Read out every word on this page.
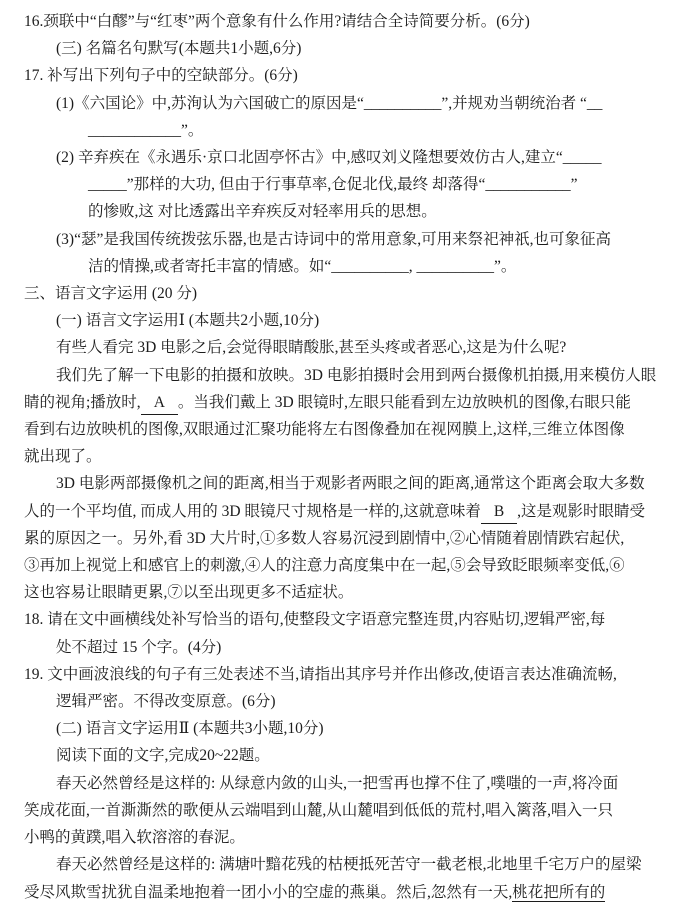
16.颈联中“白醪”与“红枣”两个意象有什么作用?请结合全诗简要分析。(6分)
(三) 名篇名句默写(本题共1小题,6分)
17. 补写出下列句子中的空缺部分。(6分)
(1)《六国论》中,苏洵认为六国破亡的原因是“__________”,并规劝当朝统治者 “__
____________”。
(2) 辛弃疾在《永遇乐·京口北固亭怀古》中,感叹刘义隆想要效仿古人,建立“_____
_____”那样的大功, 但由于行事草率,仓促北伐,最终 却落得“___________”
的惨败,这 对比透露出辛弃疾反对轻率用兵的思想。
(3)“瑟”是我国传统拨弦乐器,也是古诗词中的常用意象,可用来祭祀神祇,也可象征高
洁的情操,或者寄托丰富的情感。如“__________, __________”。
三、语言文字运用 (20 分)
(一) 语言文字运用Ⅰ (本题共2小题,10分)
有些人看完 3D 电影之后,会觉得眼睛酸胀,甚至头疼或者恶心,这是为什么呢?
我们先了解一下电影的拍摄和放映。3D 电影拍摄时会用到两台摄像机拍摄,用来模仿人眼
睛的视角;播放时, A 。当我们戴上 3D 眼镜时,左眼只能看到左边放映机的图像,右眼只能
看到右边放映机的图像,双眼通过汇聚功能将左右图像叠加在视网膜上,这样,三维立体图像
就出现了。
3D 电影两部摄像机之间的距离,相当于观影者两眼之间的距离,通常这个距离会取大多数
人的一个平均值, 而成人用的 3D 眼镜尺寸规格是一样的,这就意味着 B ,这是观影时眼睛受
累的原因之一。另外,看 3D 大片时,①多数人容易沉浸到剧情中,②心情随着剧情跌宕起伏,
③再加上视觉上和感官上的刺激,④人的注意力高度集中在一起,⑤会导致眨眼频率变低,⑥
这也容易让眼睛更累,⑦以至出现更多不适症状。
18. 请在文中画横线处补写恰当的语句,使整段文字语意完整连贯,内容贴切,逻辑严密,每
处不超过 15 个字。(4分)
19. 文中画波浪线的句子有三处表述不当,请指出其序号并作出修改,使语言表达准确流畅,
逻辑严密。不得改变原意。(6分)
(二) 语言文字运用Ⅱ (本题共3小题,10分)
阅读下面的文字,完成20~22题。
春天必然曾经是这样的: 从绿意内敛的山头,一把雪再也撑不住了,噗嗤的一声,将冷面
笑成花面,一首澌澌然的歌便从云端唱到山麓,从山麓唱到低低的荒村,唱入篱落,唱入一只
小鸭的黄蹼,唱入软溶溶的春泥。
春天必然曾经是这样的: 满塘叶黯花残的枯梗抵死苦守一截老根,北地里千宅万户的屋梁
受尽风欺雪扰犹自温柔地抱着一团小小的空虚的燕巢。然后,忽然有一天,桃花把所有的
